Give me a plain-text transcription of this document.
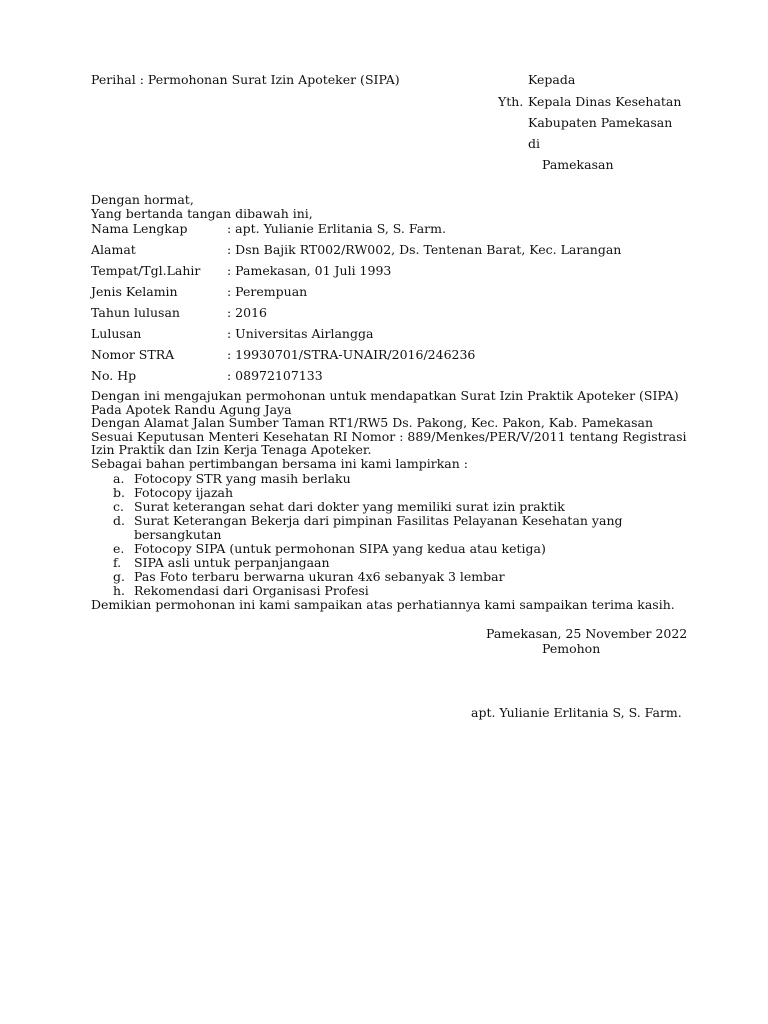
Perihal : Permohonan Surat Izin Apoteker (SIPA)	Kepada
Yth. Kepala Dinas Kesehatan
Kabupaten Pamekasan
di
Pamekasan
Dengan hormat,
Yang bertanda tangan dibawah ini,
Nama Lengkap	: apt. Yulianie Erlitania S, S. Farm.
Alamat	: Dsn Bajik RT002/RW002, Ds. Tentenan Barat, Kec. Larangan
Tempat/Tgl.Lahir : Pamekasan, 01 Juli 1993
Jenis Kelamin	: Perempuan
Tahun lulusan	: 2016
Lulusan	: Universitas Airlangga
Nomor STRA	: 19930701/STRA-UNAIR/2016/246236
No. Hp	: 08972107133
Dengan ini mengajukan permohonan untuk mendapatkan Surat Izin Praktik Apoteker (SIPA)
Pada Apotek Randu Agung Jaya
Dengan Alamat Jalan Sumber Taman RT1/RW5 Ds. Pakong, Kec. Pakon, Kab. Pamekasan
Sesuai Keputusan Menteri Kesehatan RI Nomor : 889/Menkes/PER/V/2011 tentang Registrasi
Izin Praktik dan Izin Kerja Tenaga Apoteker.
Sebagai bahan pertimbangan bersama ini kami lampirkan :
a. Fotocopy STR yang masih berlaku
b. Fotocopy ijazah
c. Surat keterangan sehat dari dokter yang memiliki surat izin praktik
d. Surat Keterangan Bekerja dari pimpinan Fasilitas Pelayanan Kesehatan yang bersangkutan
e. Fotocopy SIPA (untuk permohonan SIPA yang kedua atau ketiga)
f. SIPA asli untuk perpanjangaan
g. Pas Foto terbaru berwarna ukuran 4x6 sebanyak 3 lembar
h. Rekomendasi dari Organisasi Profesi
Demikian permohonan ini kami sampaikan atas perhatiannya kami sampaikan terima kasih.
Pamekasan, 25 November 2022
Pemohon
apt. Yulianie Erlitania S, S. Farm.
